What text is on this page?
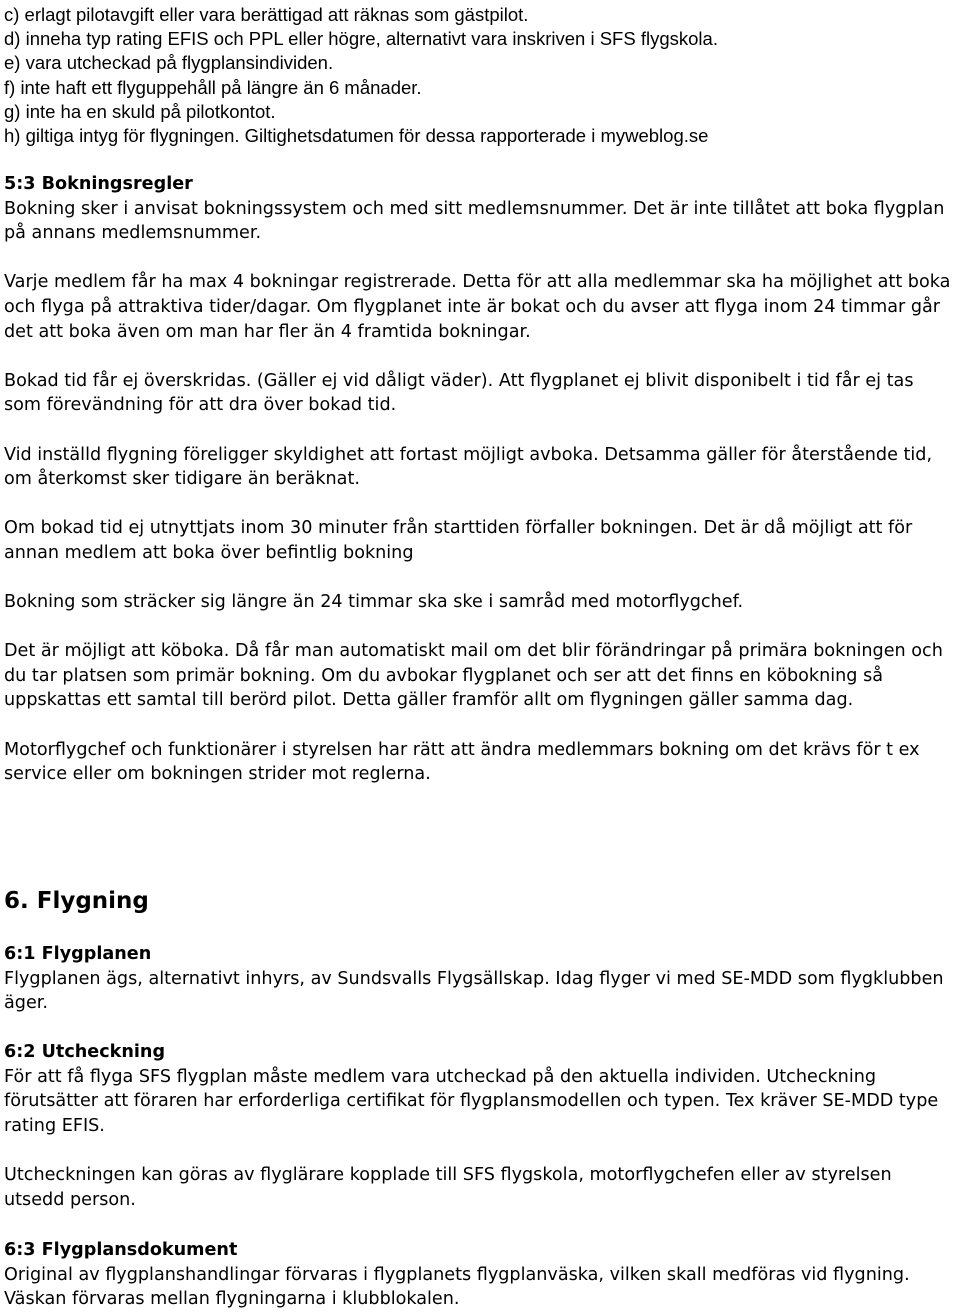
c) erlagt pilotavgift eller vara berättigad att räknas som gästpilot.

d) inneha typ rating EFIS och PPL eller högre, alternativt vara inskriven i SFS flygskola.

e) vara utcheckad på flygplansindividen.

f) inte haft ett flyguppehåll på längre än 6 månader.

g) inte ha en skuld på pilotkontot.

h) giltiga intyg för flygningen. Giltighetsdatumen för dessa rapporterade i myweblog.se

5:3 Bokningsregler

Bokning sker i anvisat bokningssystem och med sitt medlemsnummer. Det är inte tillåtet att boka flygplan på annans medlemsnummer.

Varje medlem får ha max 4 bokningar registrerade. Detta för att alla medlemmar ska ha möjlighet att boka och flyga på attraktiva tider/dagar. Om flygplanet inte är bokat och du avser att flyga inom 24 timmar går det att boka även om man har fler än 4 framtida bokningar.

Bokad tid får ej överskridas. (Gäller ej vid dåligt väder). Att flygplanet ej blivit disponibelt i tid får ej tas som förevändning för att dra över bokad tid.

Vid inställd flygning föreligger skyldighet att fortast möjligt avboka. Detsamma gäller för återstående tid, om återkomst sker tidigare än beräknat.

Om bokad tid ej utnyttjats inom 30 minuter från starttiden förfaller bokningen. Det är då möjligt att för annan medlem att boka över befintlig bokning

Bokning som sträcker sig längre än 24 timmar ska ske i samråd med motorflygchef.

Det är möjligt att köboka. Då får man automatiskt mail om det blir förändringar på primära bokningen och du tar platsen som primär bokning. Om du avbokar flygplanet och ser att det finns en köbokning så uppskattas ett samtal till berörd pilot. Detta gäller framför allt om flygningen gäller samma dag.

Motorflygchef och funktionärer i styrelsen har rätt att ändra medlemmars bokning om det krävs för t ex service eller om bokningen strider mot reglerna.

6. Flygning

6:1 Flygplanen

Flygplanen ägs, alternativt inhyrs, av Sundsvalls Flygsällskap. Idag flyger vi med SE-MDD som flygklubben äger.

6:2 Utcheckning

För att få flyga SFS flygplan måste medlem vara utcheckad på den aktuella individen. Utcheckning förutsätter att föraren har erforderliga certifikat för flygplansmodellen och typen. Tex kräver SE-MDD type rating EFIS.

Utcheckningen kan göras av flyglärare kopplade till SFS flygskola, motorflygchefen eller av styrelsen utsedd person.

6:3 Flygplansdokument

Original av flygplanshandlingar förvaras i flygplanets flygplanväska, vilken skall medföras vid flygning. Väskan förvaras mellan flygningarna i klubblokalen.
